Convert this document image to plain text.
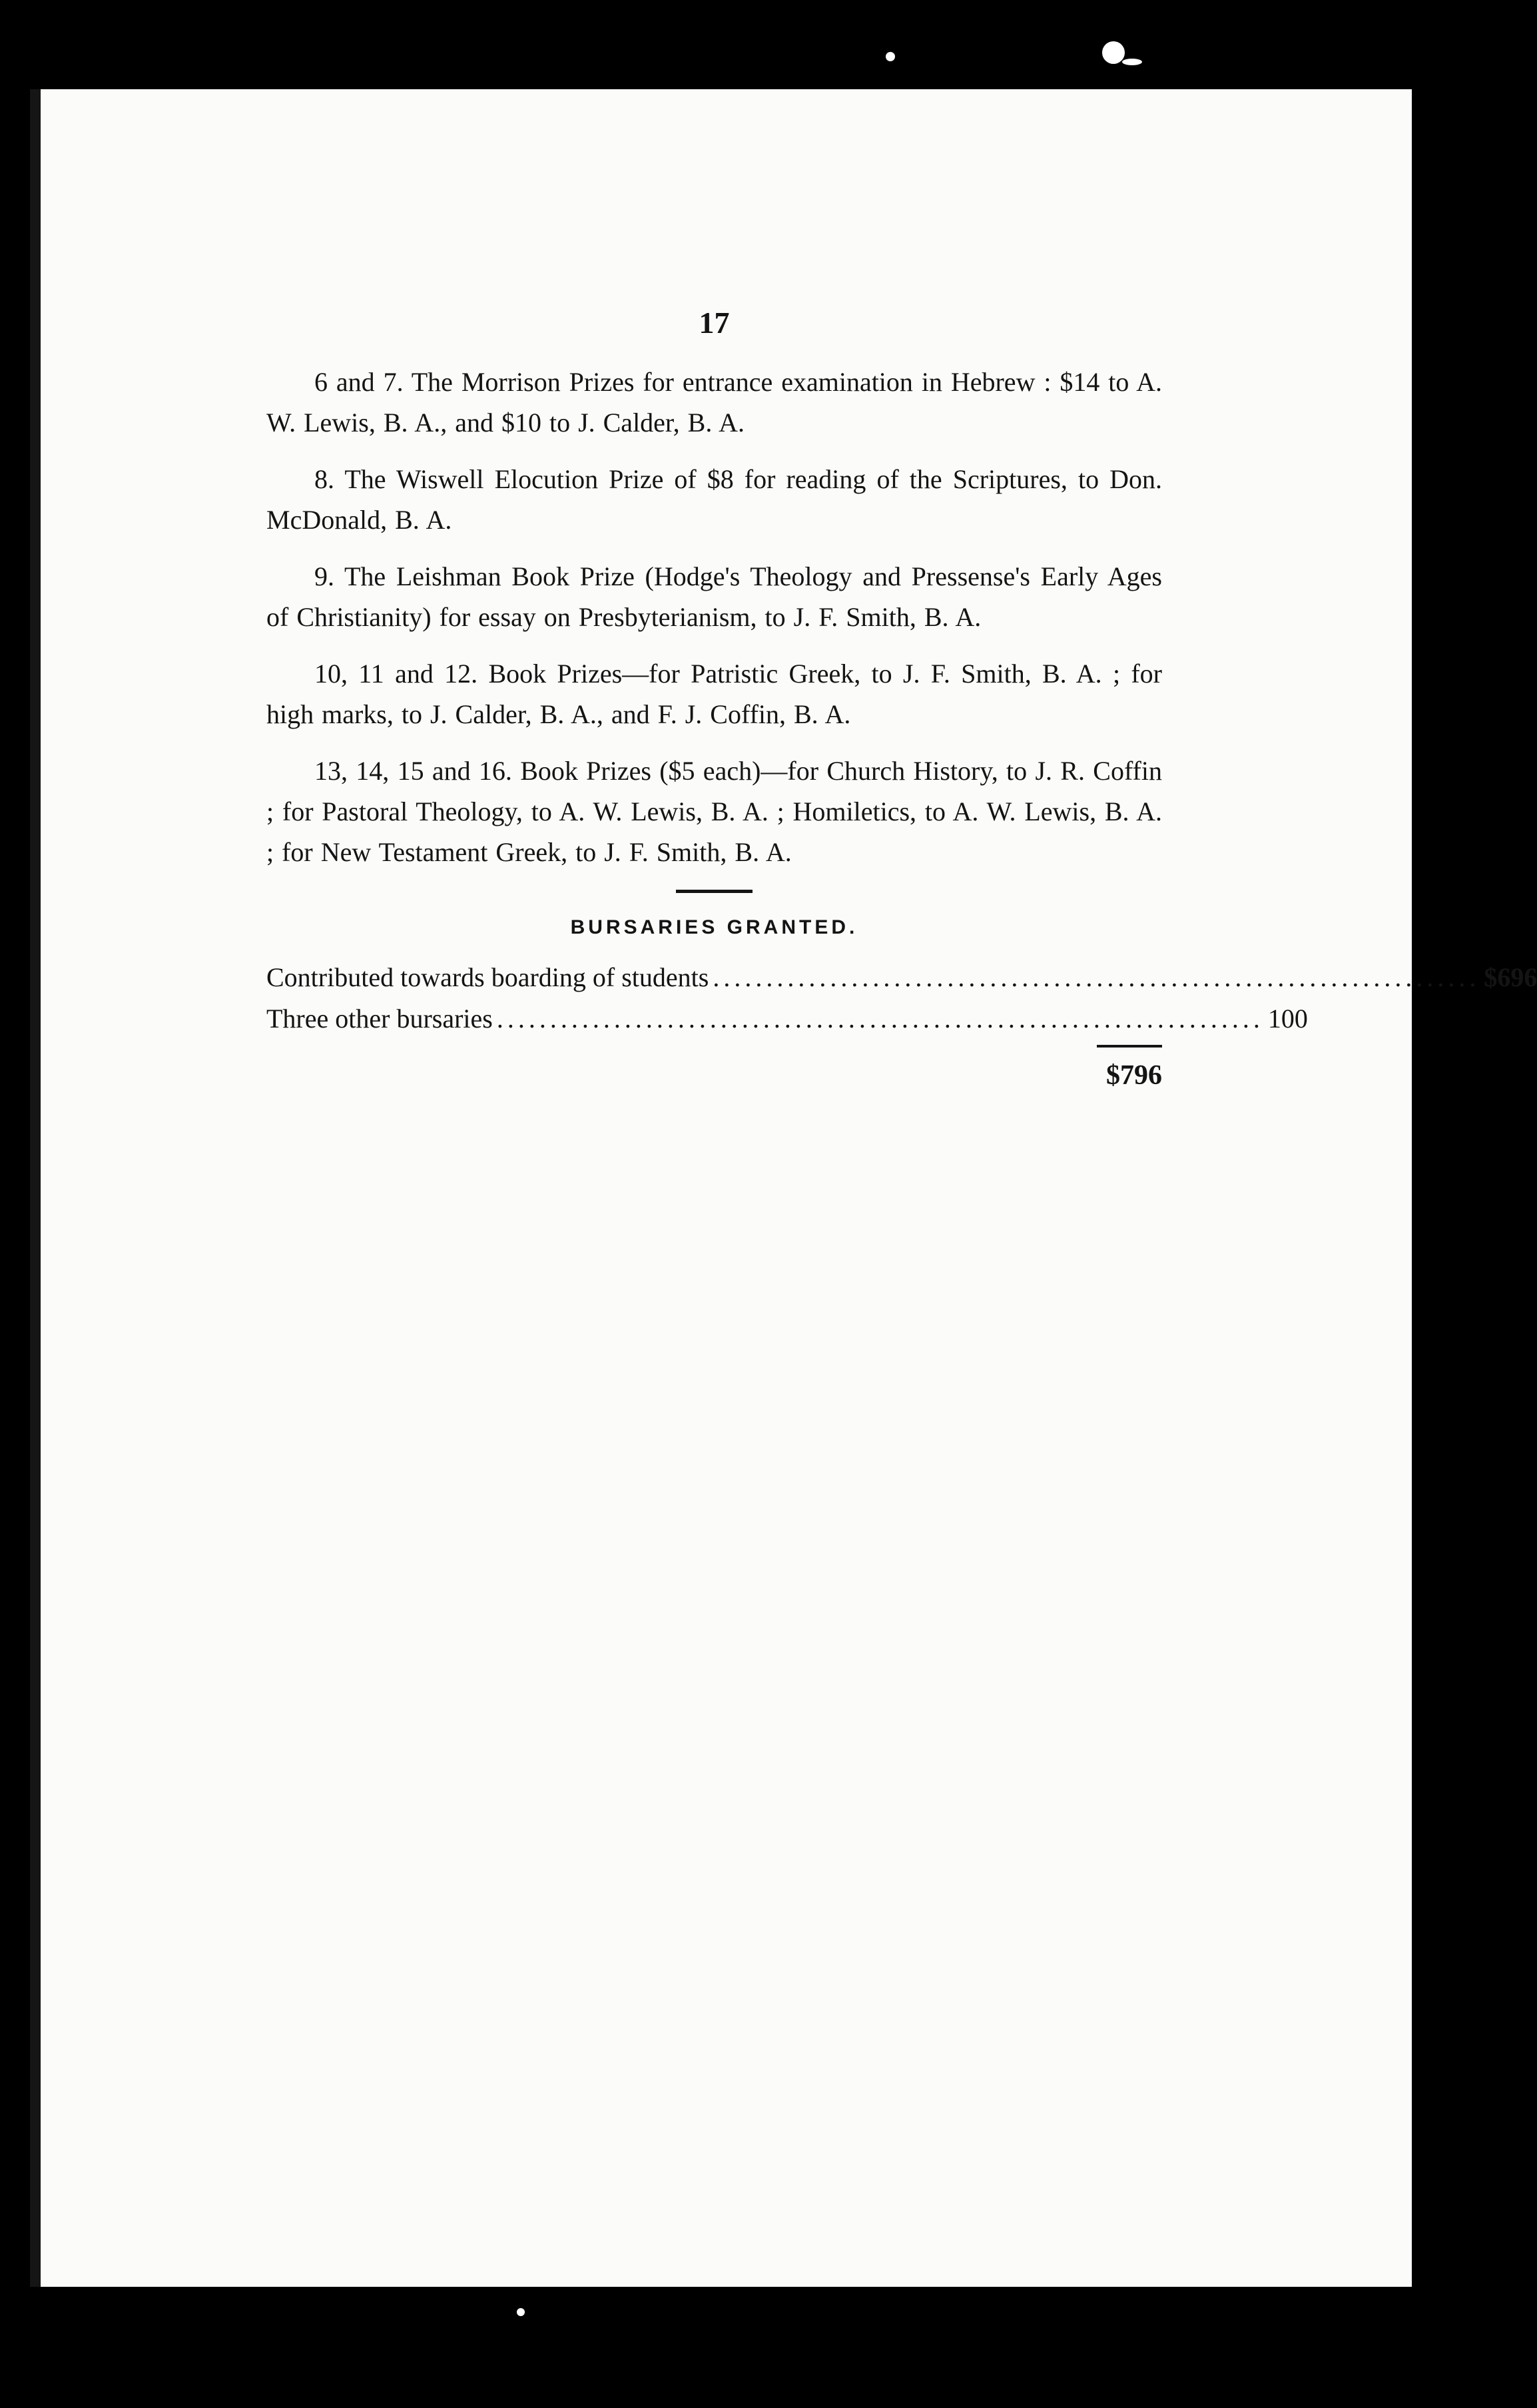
17

6 and 7. The Morrison Prizes for entrance examination in Hebrew : $14 to A. W. Lewis, B. A., and $10 to J. Calder, B. A.

8. The Wiswell Elocution Prize of $8 for reading of the Scriptures, to Don. McDonald, B. A.

9. The Leishman Book Prize (Hodge's Theology and Pressense's Early Ages of Christianity) for essay on Presbyterianism, to J. F. Smith, B. A.

10, 11 and 12. Book Prizes—for Patristic Greek, to J. F. Smith, B. A. ; for high marks, to J. Calder, B. A., and F. J. Coffin, B. A.

13, 14, 15 and 16. Book Prizes ($5 each)—for Church History, to J. R. Coffin ; for Pastoral Theology, to A. W. Lewis, B. A. ; Homiletics, to A. W. Lewis, B. A. ; for New Testament Greek, to J. F. Smith, B. A.

BURSARIES GRANTED.
Contributed towards boarding of students ........................................................................ $696
Three other bursaries ........................................................................ 100
$796
